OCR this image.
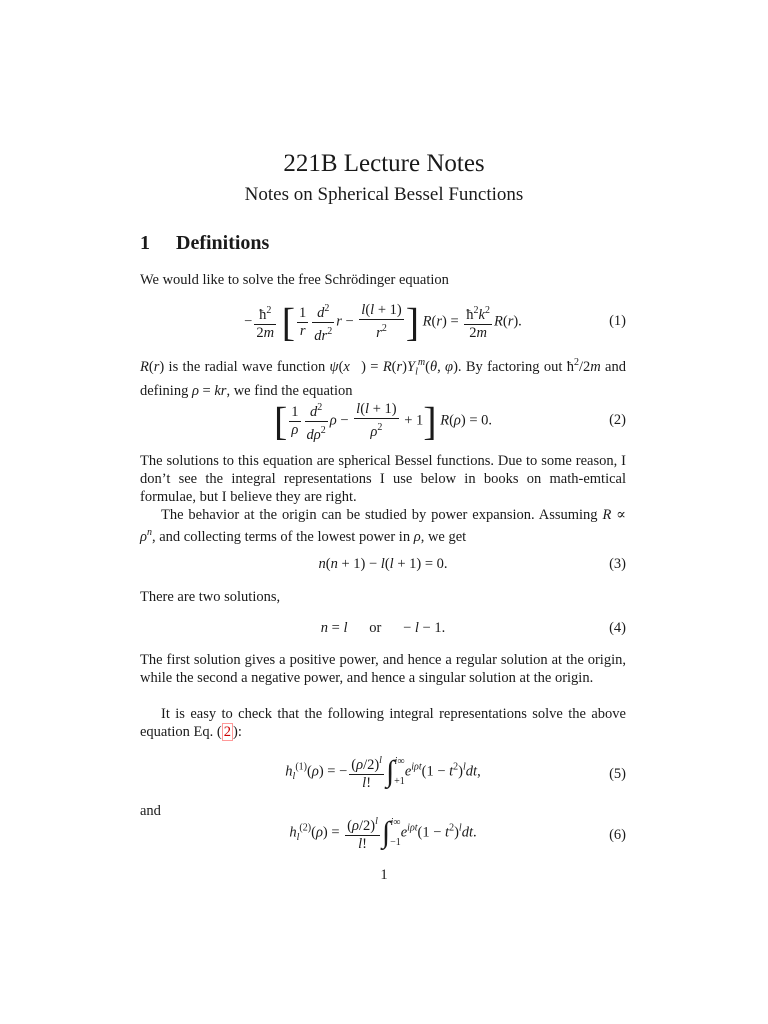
221B Lecture Notes
Notes on Spherical Bessel Functions
1 Definitions
We would like to solve the free Schrödinger equation
− $\frac{ħ^2}{2m}$ [ $\frac{1}{r} \frac{d^2}{dr^2}$ $r - \frac{l(l + 1)}{r^2}$ ] $R(r) = \frac{ħ^2k^2}{2m} R(r)$.	(1)
R(r) is the radial wave function ψ(x⃗) = $R(r)Y_l^m(\theta$, φ). By factoring out $ħ^2/2m$ and defining ρ = kr, we find the equation
[ $\frac{1}{\rho} \frac{d^2}{d\rho^2}$ $\rho - \frac{l(l + 1)}{\rho^2} + 1$] R(ρ) = 0.	(2)
The solutions to this equation are spherical Bessel functions. Due to some reason, I don’t see the integral representations I use below in books on math-emtical formulae, but I believe they are right.
The behavior at the origin can be studied by power expansion. Assuming $R \propto \rho^n$, and collecting terms of the lowest power in ρ, we get
n(n + 1) − l(l + 1) = 0.	(3)
There are two solutions,
n = l or      − l − 1.	(4)
The first solution gives a positive power, and hence a regular solution at the origin, while the second a negative power, and hence a singular solution at the origin.
It is easy to check that the following integral representations solve the above equation Eq. ( 2 ):
$h_l^{(1)}(\rho)$ = − $\frac{(\rho/2)^l}{l!}$ ∫ i∞
+1
$e^{i\rho t}(1 - t^2)^ldt$,	(5)
and
$h_l^{(2)}(\rho) = \frac{(\rho/2)^l}{l!}$ ∫ i∞
−1
$e^{i\rho t}(1 - t^2)^ldt$.	(6)
1
